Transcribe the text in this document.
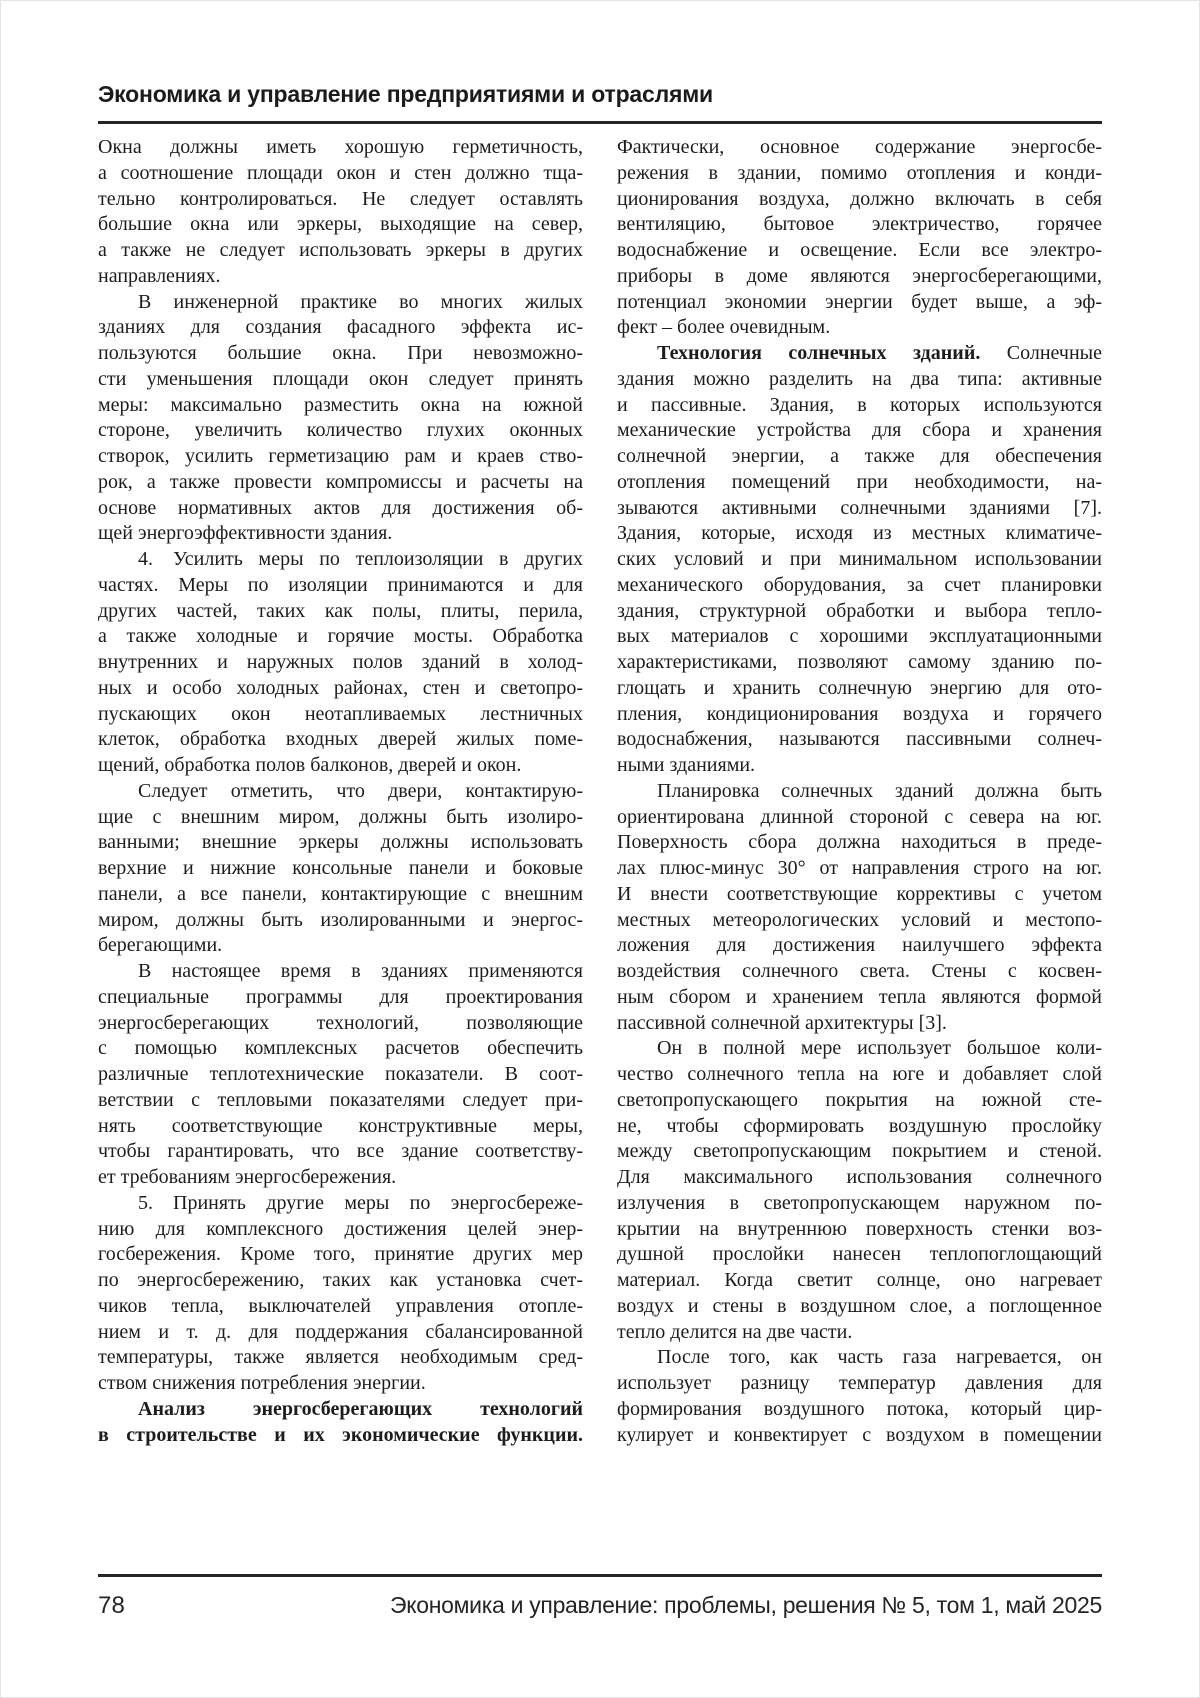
Экономика и управление предприятиями и отраслями
Окна должны иметь хорошую герметичность,
а соотношение площади окон и стен должно тща-
тельно контролироваться. Не следует оставлять
большие окна или эркеры, выходящие на север,
а также не следует использовать эркеры в других
направлениях.
В инженерной практике во многих жилых
зданиях для создания фасадного эффекта ис-
пользуются большие окна. При невозможно-
сти уменьшения площади окон следует принять
меры: максимально разместить окна на южной
стороне, увеличить количество глухих оконных
створок, усилить герметизацию рам и краев ство-
рок, а также провести компромиссы и расчеты на
основе нормативных актов для достижения об-
щей энергоэффективности здания.
4. Усилить меры по теплоизоляции в других
частях. Меры по изоляции принимаются и для
других частей, таких как полы, плиты, перила,
а также холодные и горячие мосты. Обработка
внутренних и наружных полов зданий в холод-
ных и особо холодных районах, стен и светопро-
пускающих окон неотапливаемых лестничных
клеток, обработка входных дверей жилых поме-
щений, обработка полов балконов, дверей и окон.
Следует отметить, что двери, контактирую-
щие с внешним миром, должны быть изолиро-
ванными; внешние эркеры должны использовать
верхние и нижние консольные панели и боковые
панели, а все панели, контактирующие с внешним
миром, должны быть изолированными и энергос-
берегающими.
В настоящее время в зданиях применяются
специальные программы для проектирования
энергосберегающих технологий, позволяющие
с помощью комплексных расчетов обеспечить
различные теплотехнические показатели. В соот-
ветствии с тепловыми показателями следует при-
нять соответствующие конструктивные меры,
чтобы гарантировать, что все здание соответству-
ет требованиям энергосбережения.
5. Принять другие меры по энергосбереже-
нию для комплексного достижения целей энер-
госбережения. Кроме того, принятие других мер
по энергосбережению, таких как установка счет-
чиков тепла, выключателей управления отопле-
нием и т. д. для поддержания сбалансированной
температуры, также является необходимым сред-
ством снижения потребления энергии.
Анализ энергосберегающих технологий
в строительстве и их экономические функции.
Фактически, основное содержание энергосбе-
режения в здании, помимо отопления и конди-
ционирования воздуха, должно включать в себя
вентиляцию, бытовое электричество, горячее
водоснабжение и освещение. Если все электро-
приборы в доме являются энергосберегающими,
потенциал экономии энергии будет выше, а эф-
фект – более очевидным.
Технология солнечных зданий. Солнечные
здания можно разделить на два типа: активные
и пассивные. Здания, в которых используются
механические устройства для сбора и хранения
солнечной энергии, а также для обеспечения
отопления помещений при необходимости, на-
зываются активными солнечными зданиями [7].
Здания, которые, исходя из местных климатиче-
ских условий и при минимальном использовании
механического оборудования, за счет планировки
здания, структурной обработки и выбора тепло-
вых материалов с хорошими эксплуатационными
характеристиками, позволяют самому зданию по-
глощать и хранить солнечную энергию для ото-
пления, кондиционирования воздуха и горячего
водоснабжения, называются пассивными солнеч-
ными зданиями.
Планировка солнечных зданий должна быть
ориентирована длинной стороной с севера на юг.
Поверхность сбора должна находиться в преде-
лах плюс-минус 30° от направления строго на юг.
И внести соответствующие коррективы с учетом
местных метеорологических условий и местопо-
ложения для достижения наилучшего эффекта
воздействия солнечного света. Стены с косвен-
ным сбором и хранением тепла являются формой
пассивной солнечной архитектуры [3].
Он в полной мере использует большое коли-
чество солнечного тепла на юге и добавляет слой
светопропускающего покрытия на южной сте-
не, чтобы сформировать воздушную прослойку
между светопропускающим покрытием и стеной.
Для максимального использования солнечного
излучения в светопропускающем наружном по-
крытии на внутреннюю поверхность стенки воз-
душной прослойки нанесен теплопоглощающий
материал. Когда светит солнце, оно нагревает
воздух и стены в воздушном слое, а поглощенное
тепло делится на две части.
После того, как часть газа нагревается, он
использует разницу температур давления для
формирования воздушного потока, который цир-
кулирует и конвектирует с воздухом в помещении
78	Экономика и управление: проблемы, решения № 5, том 1, май 2025
